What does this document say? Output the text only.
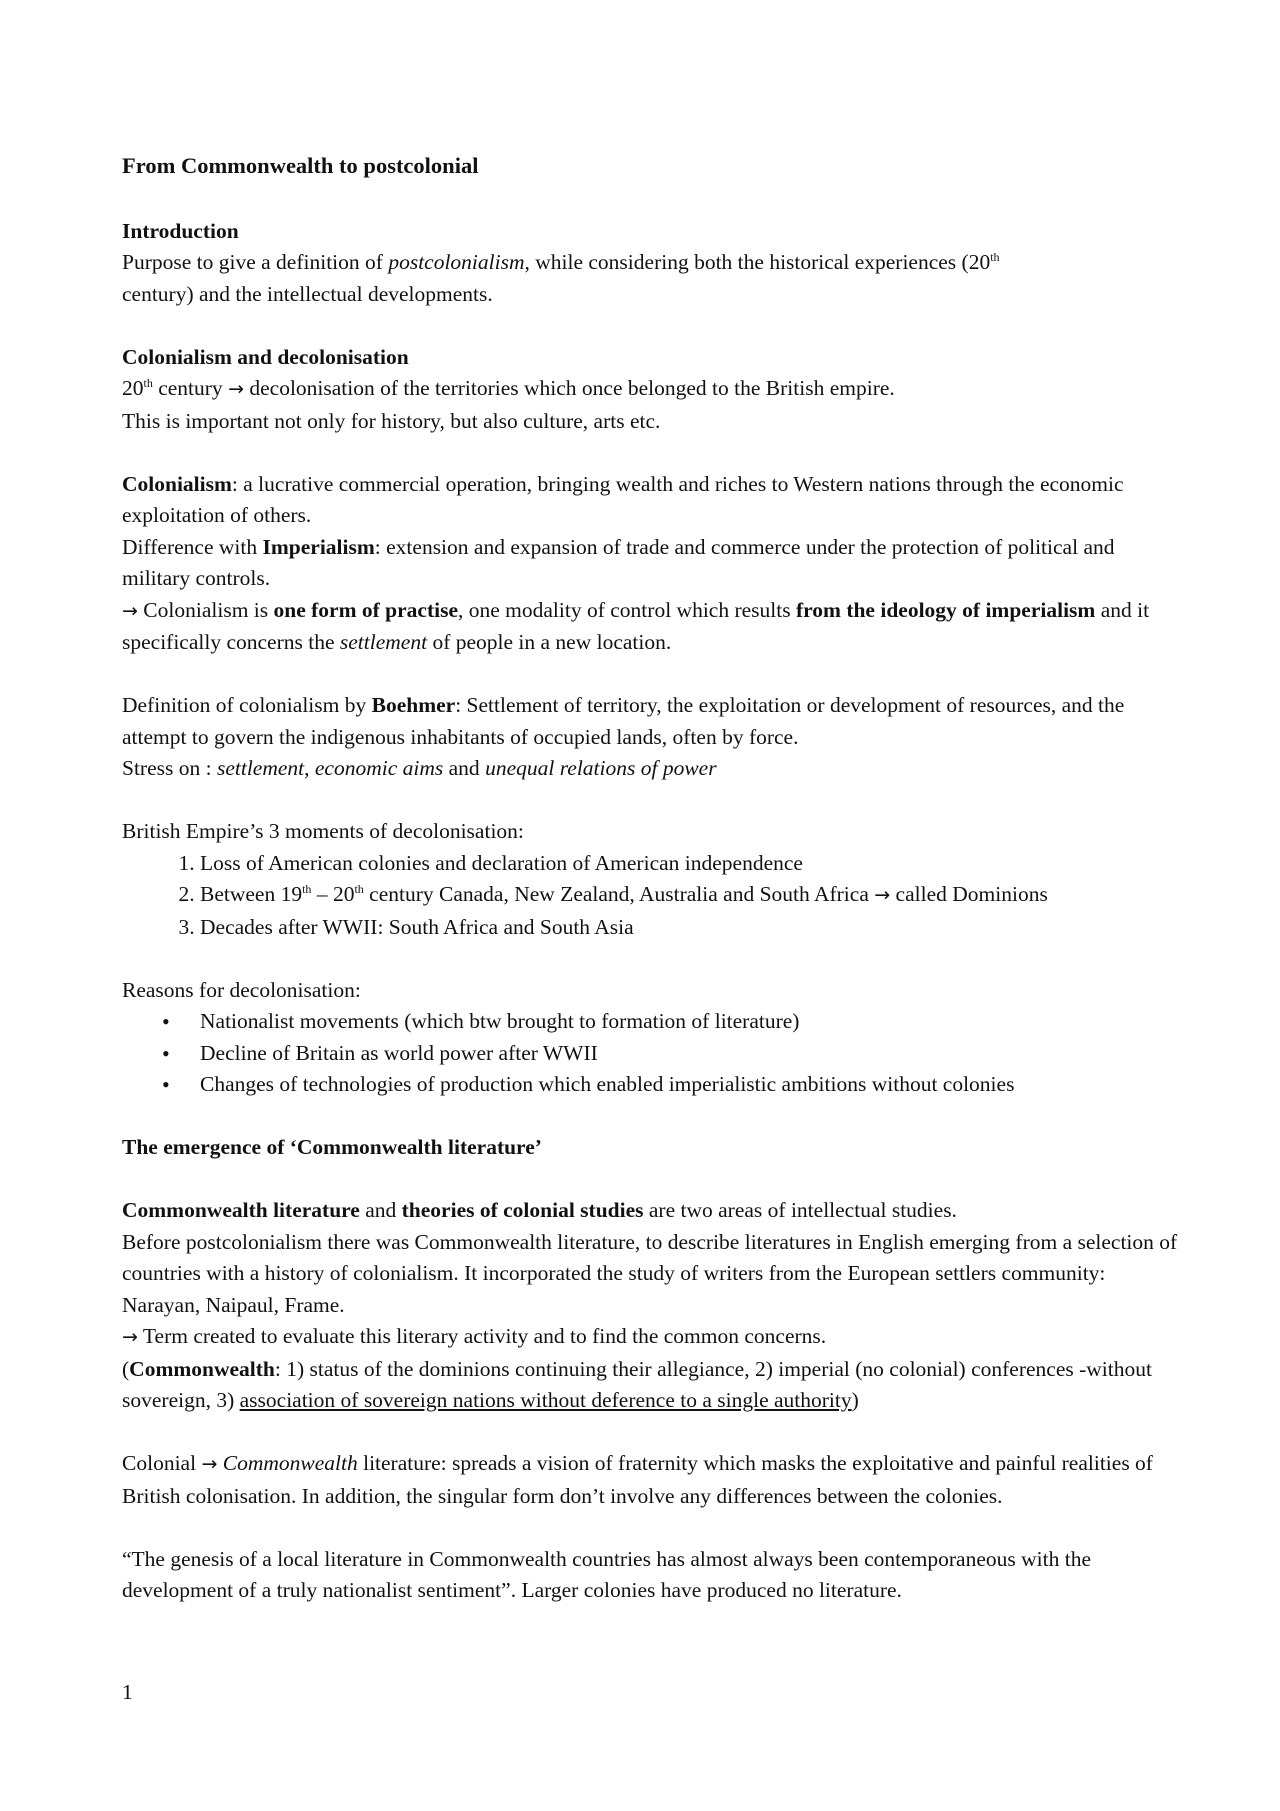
From Commonwealth to postcolonial

Introduction

Purpose to give a definition of postcolonialism, while considering both the historical experiences (20th
century) and the intellectual developments.

Colonialism and decolonisation

20th century → decolonisation of the territories which once belonged to the British empire.

This is important not only for history, but also culture, arts etc.

Colonialism: a lucrative commercial operation, bringing wealth and riches to Western nations through the economic exploitation of others.

Difference with Imperialism: extension and expansion of trade and commerce under the protection of political and military controls.

→ Colonialism is one form of practise, one modality of control which results from the ideology of imperialism and it specifically concerns the settlement of people in a new location.

Definition of colonialism by Boehmer: Settlement of territory, the exploitation or development of resources, and the attempt to govern the indigenous inhabitants of occupied lands, often by force.

Stress on : settlement, economic aims and unequal relations of power

British Empire’s 3 moments of decolonisation:

1. Loss of American colonies and declaration of American independence
2. Between 19th – 20th century Canada, New Zealand, Australia and South Africa → called Dominions
3. Decades after WWII: South Africa and South Asia

Reasons for decolonisation:

• Nationalist movements (which btw brought to formation of literature)
• Decline of Britain as world power after WWII
• Changes of technologies of production which enabled imperialistic ambitions without colonies

The emergence of ‘Commonwealth literature’

Commonwealth literature and theories of colonial studies are two areas of intellectual studies.

Before postcolonialism there was Commonwealth literature, to describe literatures in English emerging from a selection of countries with a history of colonialism. It incorporated the study of writers from the European settlers community: Narayan, Naipaul, Frame.

→ Term created to evaluate this literary activity and to find the common concerns.

(Commonwealth: 1) status of the dominions continuing their allegiance, 2) imperial (no colonial) conferences -without sovereign, 3) association of sovereign nations without deference to a single authority)

Colonial → Commonwealth literature: spreads a vision of fraternity which masks the exploitative and painful realities of British colonisation. In addition, the singular form don’t involve any differences between the colonies.

“The genesis of a local literature in Commonwealth countries has almost always been contemporaneous with the development of a truly nationalist sentiment”. Larger colonies have produced no literature.

1
